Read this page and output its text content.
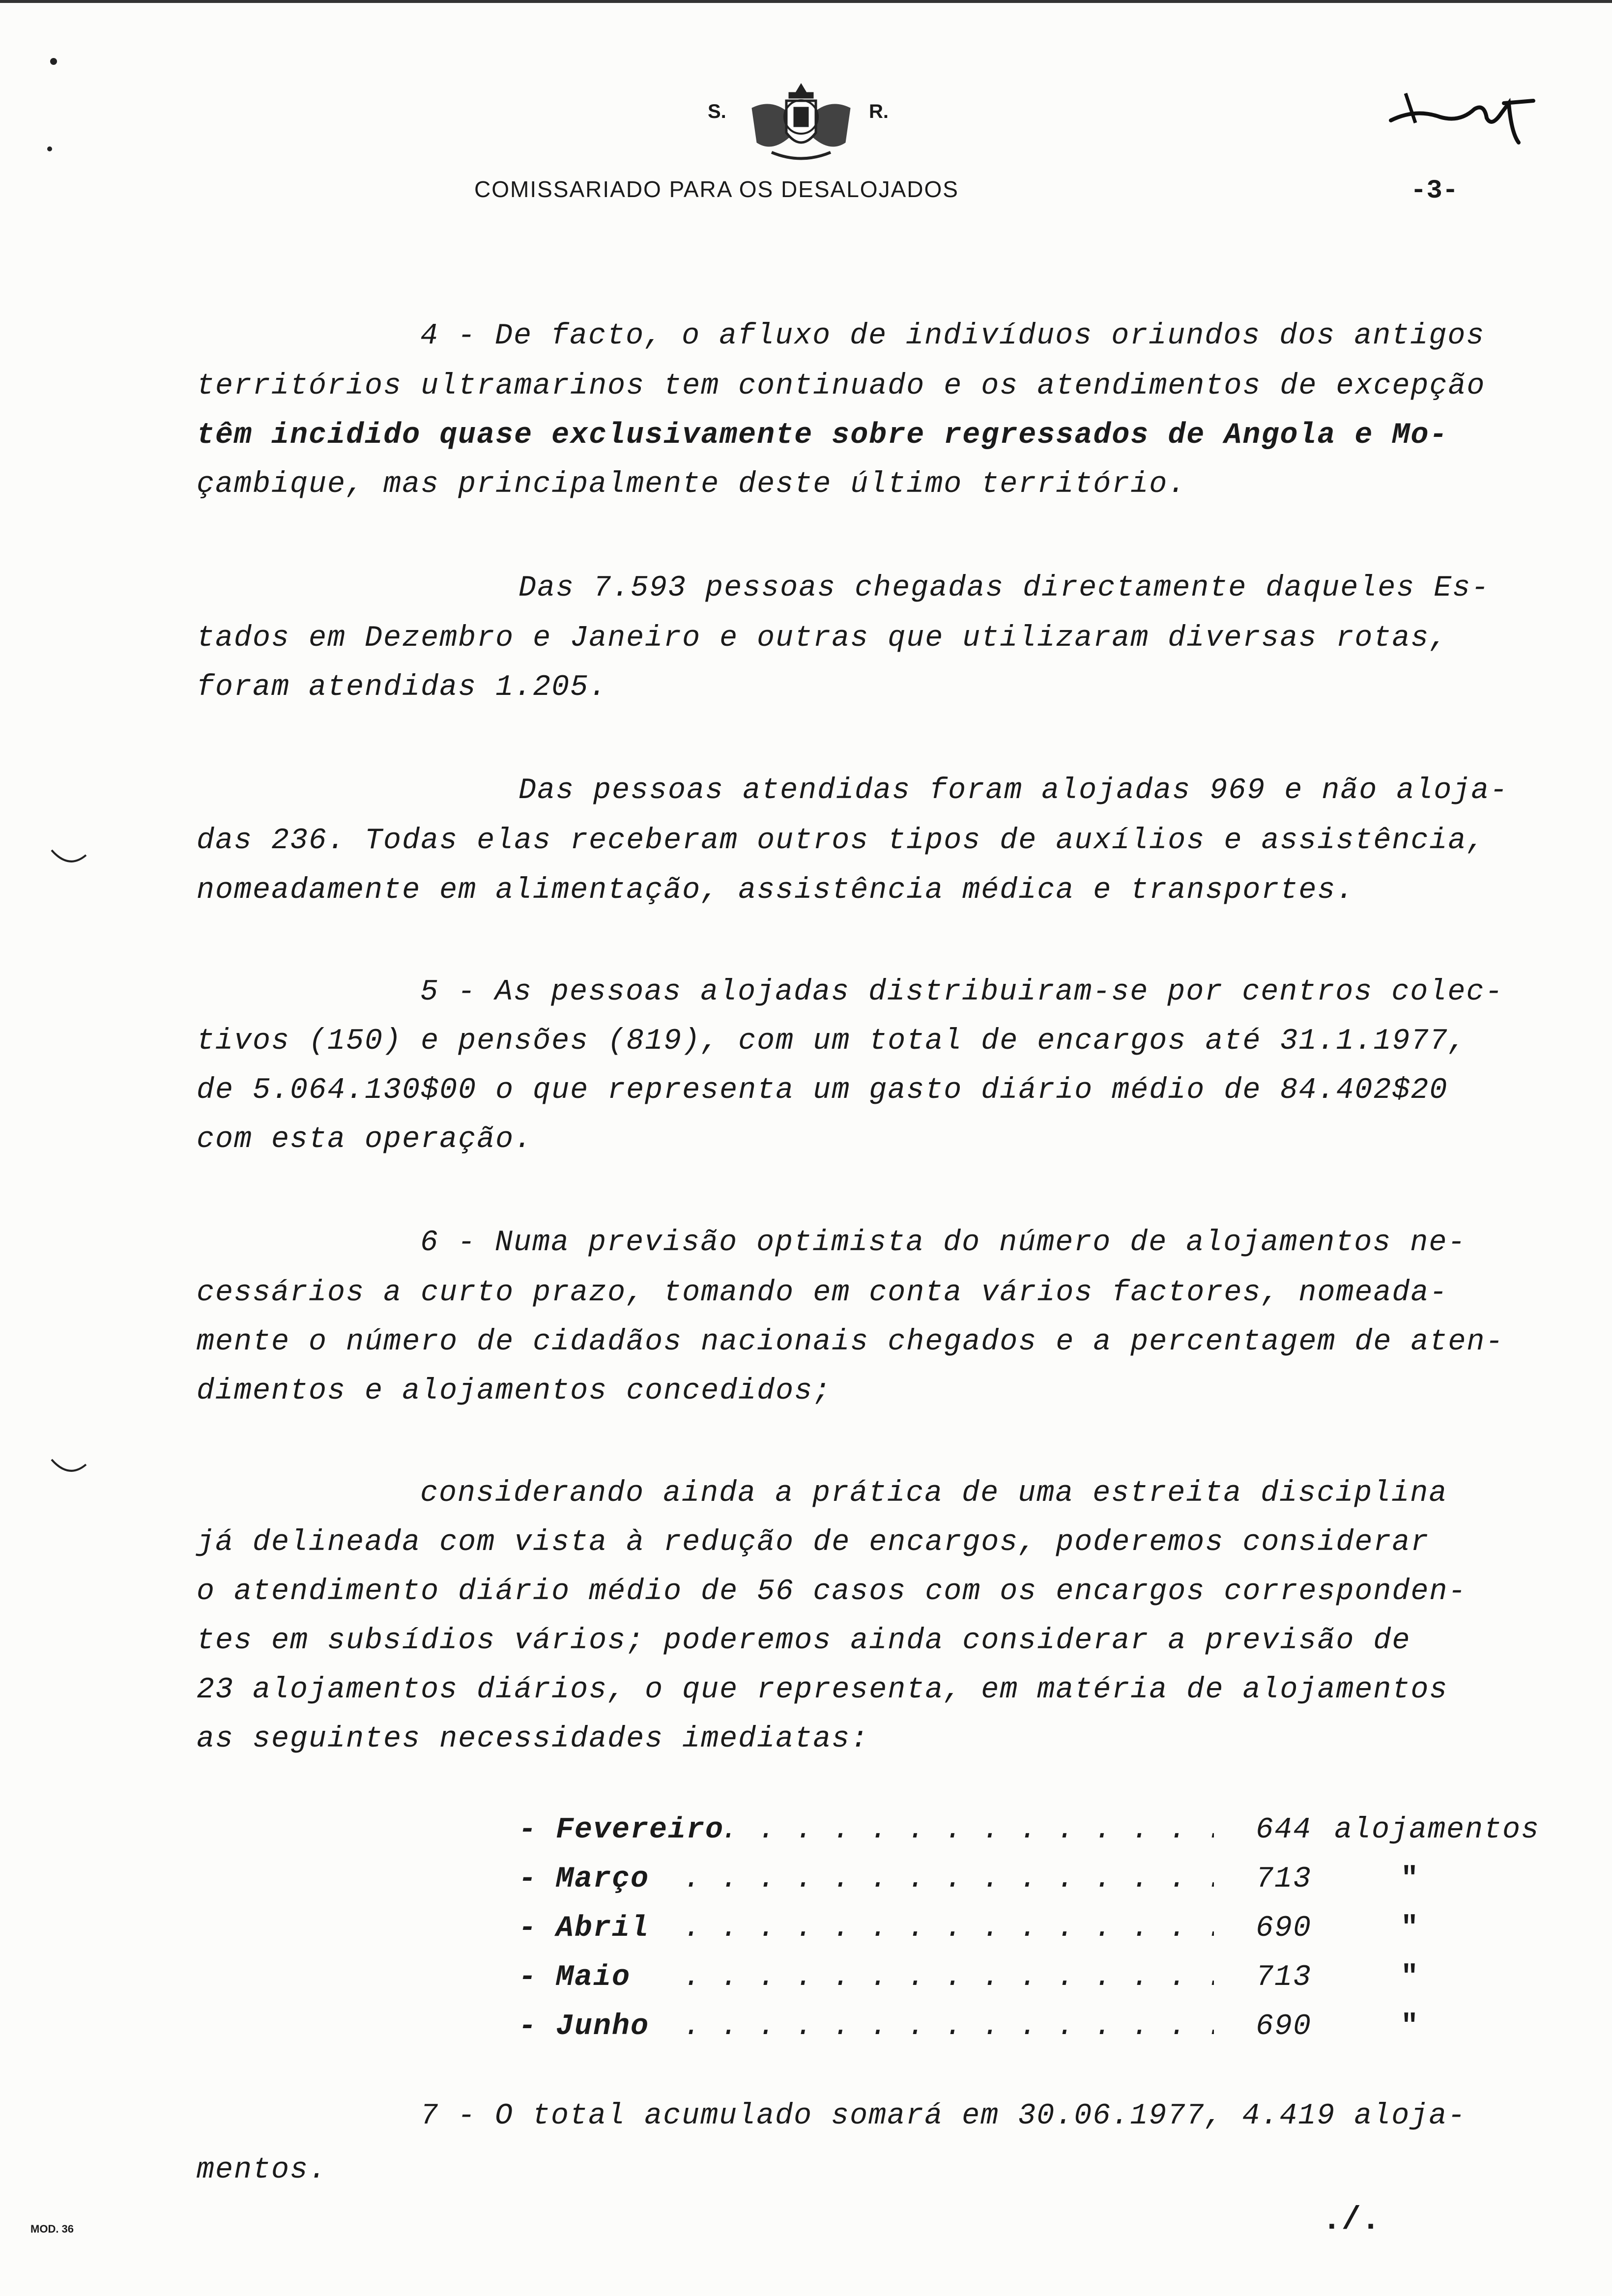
S.	R.
COMISSARIADO PARA OS DESALOJADOS	-3-
4 - De facto, o afluxo de indivíduos oriundos dos antigos
territórios ultramarinos tem continuado e os atendimentos de excepção
têm incidido quase exclusivamente sobre regressados de Angola e Mo-
çambique, mas principalmente deste último território.
Das 7.593 pessoas chegadas directamente daqueles Es-
tados em Dezembro e Janeiro e outras que utilizaram diversas rotas,
foram atendidas 1.205.
Das pessoas atendidas foram alojadas 969 e não aloja-
das 236. Todas elas receberam outros tipos de auxílios e assistência,
nomeadamente em alimentação, assistência médica e transportes.
5 - As pessoas alojadas distribuiram-se por centros colec-
tivos (150) e pensões (819), com um total de encargos até 31.1.1977,
de 5.064.130$00 o que representa um gasto diário médio de 84.402$20
com esta operação.
6 - Numa previsão optimista do número de alojamentos ne-
cessários a curto prazo, tomando em conta vários factores, nomeada-
mente o número de cidadãos nacionais chegados e a percentagem de aten-
dimentos e alojamentos concedidos;
considerando ainda a prática de uma estreita disciplina
já delineada com vista à redução de encargos, poderemos considerar
o atendimento diário médio de 56 casos com os encargos corresponden-
tes em subsídios vários; poderemos ainda considerar a previsão de
23 alojamentos diários, o que representa, em matéria de alojamentos
as seguintes necessidades imediatas:
- Fevereiro . . .	644 alojamentos
- Março . . .	713	"
- Abril . . .	690	"
- Maio . . .	713	"
- Junho . . .	690	"
7 - O total acumulado somará em 30.06.1977, 4.419 aloja-
mentos.
MOD. 36	./.
